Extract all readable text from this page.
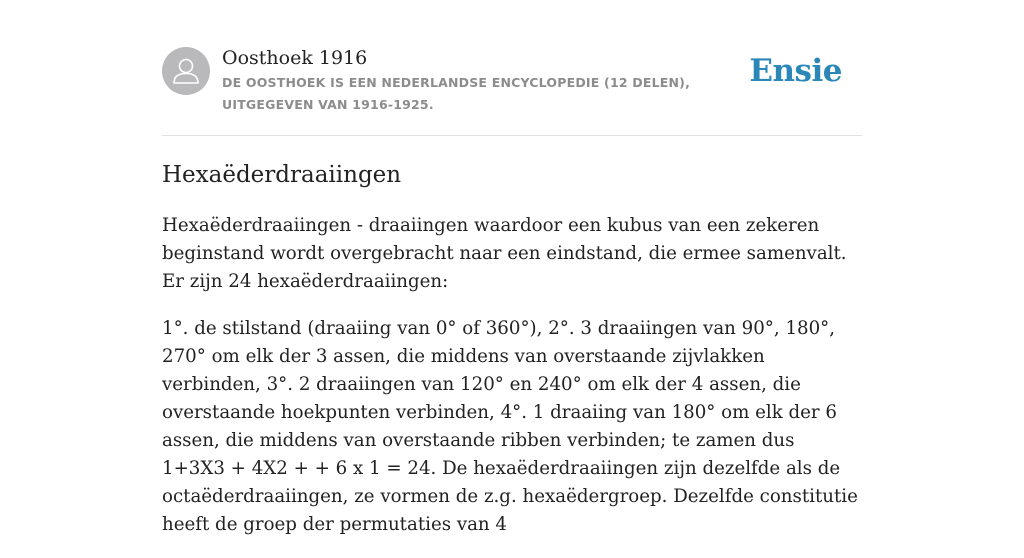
Oosthoek 1916
DE OOSTHOEK IS EEN NEDERLANDSE ENCYCLOPEDIE (12 DELEN), UITGEGEVEN VAN 1916-1925.
Ensie
Hexaëderdraaiingen

Hexaëderdraaiingen - draaiingen waardoor een kubus van een zekeren beginstand wordt overgebracht naar een eindstand, die ermee samenvalt. Er zijn 24 hexaëderdraaiingen:

1°. de stilstand (draaiing van 0° of 360°), 2°. 3 draaiingen van 90°, 180°, 270° om elk der 3 assen, die middens van overstaande zijvlakken verbinden, 3°. 2 draaiingen van 120° en 240° om elk der 4 assen, die overstaande hoekpunten verbinden, 4°. 1 draaiing van 180° om elk der 6 assen, die middens van overstaande ribben verbinden; te zamen dus 1+3X3 + 4X2 + + 6 x 1 = 24. De hexaëderdraaiingen zijn dezelfde als de octaëderdraaiingen, ze vormen de z.g. hexaëdergroep. Dezelfde constitutie heeft de groep der permutaties van 4
